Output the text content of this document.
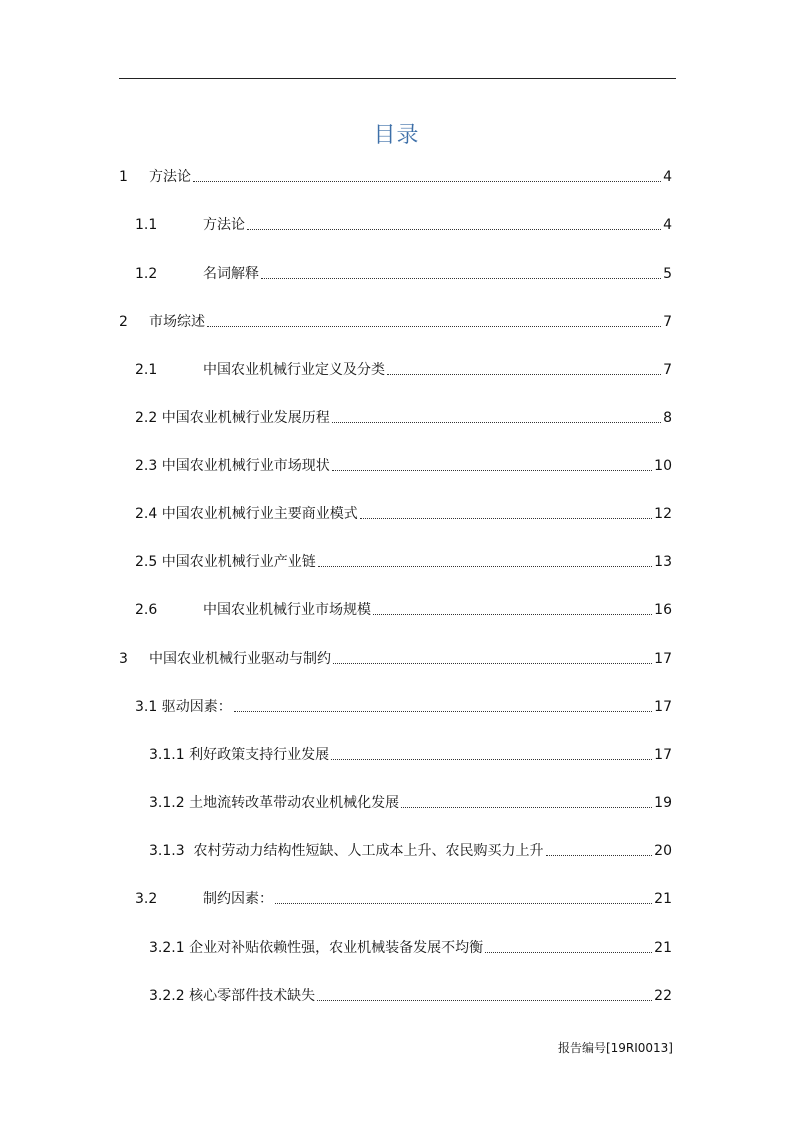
目录
1	方法论	4
1.1	方法论	4
1.2	名词解释	5
2	市场综述	7
2.1	中国农业机械行业定义及分类	7
2.2 中国农业机械行业发展历程	8
2.3 中国农业机械行业市场现状	10
2.4 中国农业机械行业主要商业模式	12
2.5 中国农业机械行业产业链	13
2.6	中国农业机械行业市场规模	16
3	中国农业机械行业驱动与制约	17
3.1 驱动因素：	17
3.1.1 利好政策支持行业发展	17
3.1.2 土地流转改革带动农业机械化发展	19
3.1.3  农村劳动力结构性短缺、人工成本上升、农民购买力上升	20
3.2	制约因素：	21
3.2.1 企业对补贴依赖性强，农业机械装备发展不均衡	21
3.2.2 核心零部件技术缺失	22
报告编号[19RI0013]
